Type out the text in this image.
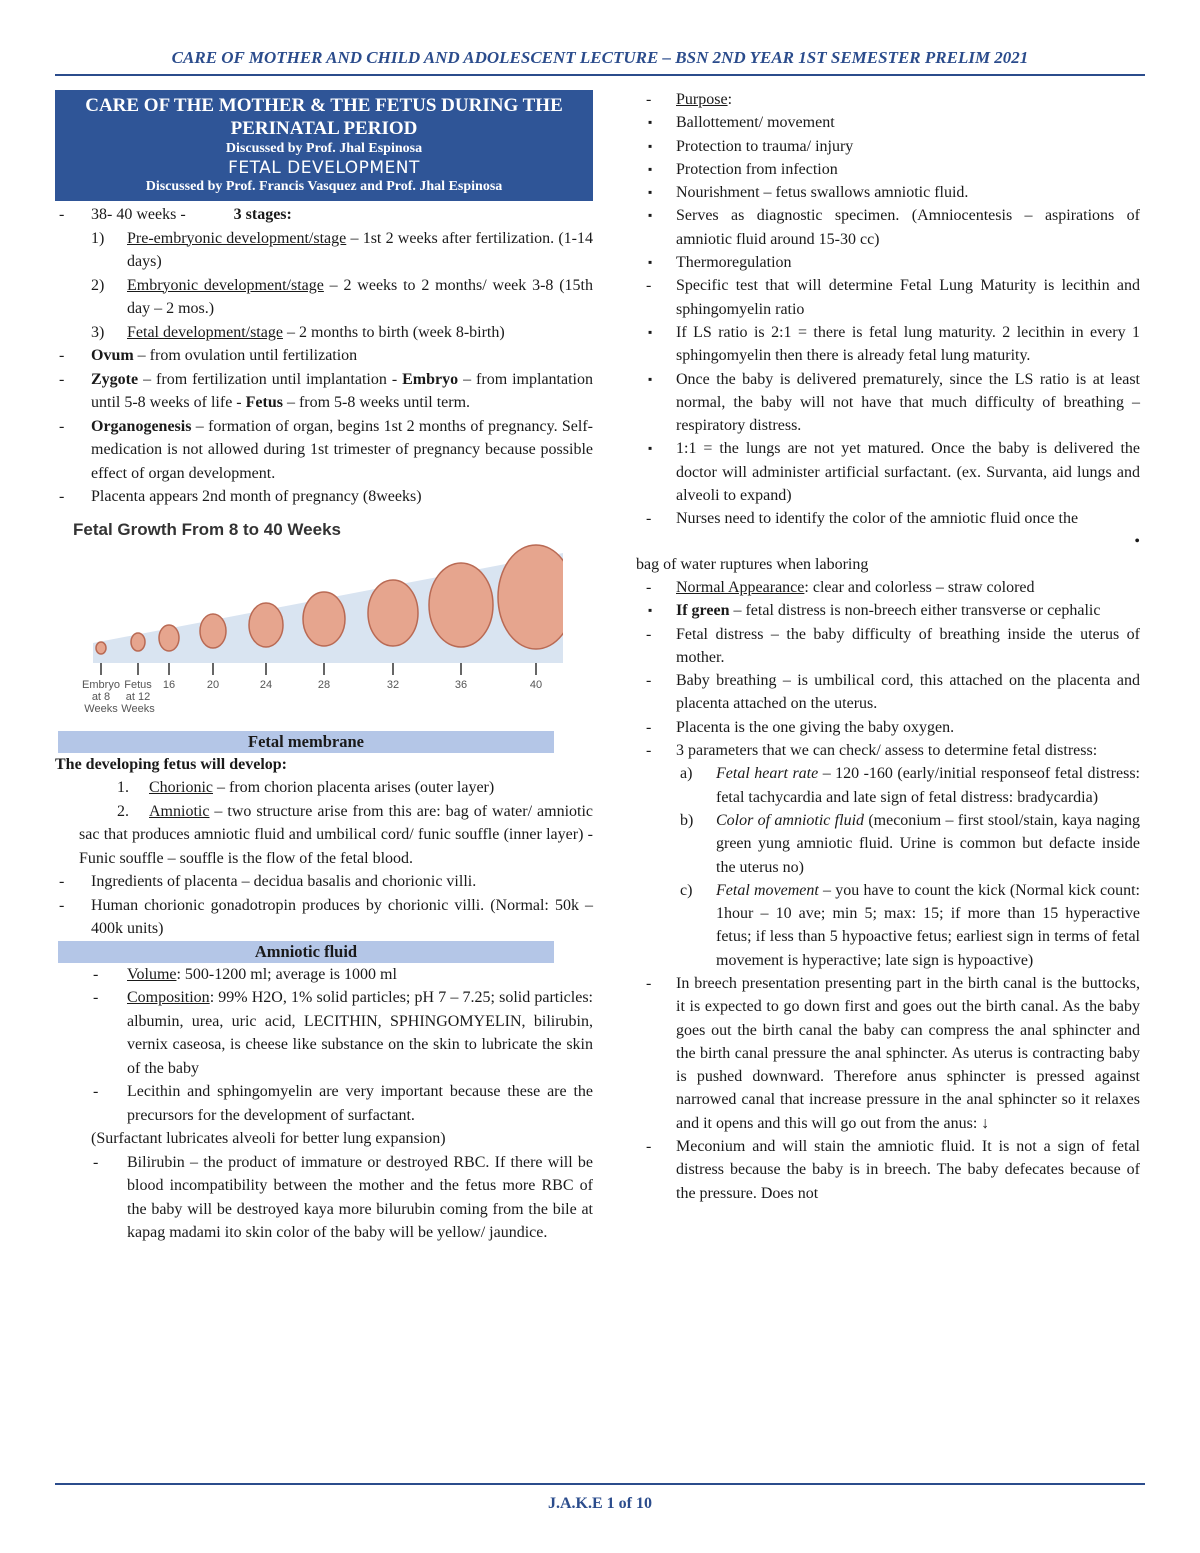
CARE OF MOTHER AND CHILD AND ADOLESCENT LECTURE – BSN 2ND YEAR 1ST SEMESTER PRELIM 2021
CARE OF THE MOTHER & THE FETUS DURING THE PERINATAL PERIOD
Discussed by Prof. Jhal Espinosa
FETAL DEVELOPMENT
Discussed by Prof. Francis Vasquez and Prof. Jhal Espinosa
- 38- 40 weeks -	3 stages:
1) Pre-embryonic development/stage – 1st 2 weeks after fertilization. (1-14 days)
2) Embryonic development/stage – 2 weeks to 2 months/ week 3-8 (15th day – 2 mos.)
3) Fetal development/stage – 2 months to birth (week 8-birth)
- Ovum – from ovulation until fertilization
- Zygote – from fertilization until implantation - Embryo – from implantation until 5-8 weeks of life - Fetus – from 5-8 weeks until term.
- Organogenesis – formation of organ, begins 1st 2 months of pregnancy. Self-medication is not allowed during 1st trimester of pregnancy because possible effect of organ development.
- Placenta appears 2nd month of pregnancy (8weeks)
Fetal Growth From 8 to 40 Weeks
Embryo
at 8
Weeks
Fetus
at 12
Weeks
16	20	24	28	32	36	40
Fetal membrane
The developing fetus will develop:
1. Chorionic – from chorion placenta arises (outer layer)
2. Amniotic – two structure arise from this are: bag of water/ amniotic sac that produces amniotic fluid and umbilical cord/ funic souffle (inner layer) - Funic souffle – souffle is the flow of the fetal blood.
- Ingredients of placenta – decidua basalis and chorionic villi.
- Human chorionic gonadotropin produces by chorionic villi. (Normal: 50k – 400k units)
Amniotic fluid
- Volume: 500-1200 ml; average is 1000 ml
- Composition: 99% H2O, 1% solid particles; pH 7 – 7.25; solid particles: albumin, urea, uric acid, LECITHIN, SPHINGOMYELIN, bilirubin, vernix caseosa, is cheese like substance on the skin to lubricate the skin of the baby
- Lecithin and sphingomyelin are very important because these are the precursors for the development of surfactant.
(Surfactant lubricates alveoli for better lung expansion)
- Bilirubin – the product of immature or destroyed RBC. If there will be blood incompatibility between the mother and the fetus more RBC of the baby will be destroyed kaya more bilurubin coming from the bile at kapag madami ito skin color of the baby will be yellow/ jaundice.
- Purpose:
▪ Ballottement/ movement
▪ Protection to trauma/ injury
▪ Protection from infection
▪ Nourishment – fetus swallows amniotic fluid.
▪ Serves as diagnostic specimen. (Amniocentesis – aspirations of amniotic fluid around 15-30 cc)
▪ Thermoregulation
- Specific test that will determine Fetal Lung Maturity is lecithin and sphingomyelin ratio
▪ If LS ratio is 2:1 = there is fetal lung maturity. 2 lecithin in every 1 sphingomyelin then there is already fetal lung maturity.
▪ Once the baby is delivered prematurely, since the LS ratio is at least normal, the baby will not have that much difficulty of breathing – respiratory distress.
▪ 1:1 = the lungs are not yet matured. Once the baby is delivered the doctor will administer artificial surfactant. (ex. Survanta, aid lungs and alveoli to expand)
- Nurses need to identify the color of the amniotic fluid once the
•
bag of water ruptures when laboring
- Normal Appearance: clear and colorless – straw colored
▪ If green – fetal distress is non-breech either transverse or cephalic
- Fetal distress – the baby difficulty of breathing inside the uterus of mother.
- Baby breathing – is umbilical cord, this attached on the placenta and placenta attached on the uterus.
- Placenta is the one giving the baby oxygen.
- 3 parameters that we can check/ assess to determine fetal distress:
a) Fetal heart rate – 120 -160 (early/initial responseof fetal distress: fetal tachycardia and late sign of fetal distress: bradycardia)
b) Color of amniotic fluid (meconium – first stool/stain, kaya naging green yung amniotic fluid. Urine is common but defacte inside the uterus no)
c) Fetal movement – you have to count the kick (Normal kick count: 1hour – 10 ave; min 5; max: 15; if more than 15 hyperactive fetus; if less than 5 hypoactive fetus; earliest sign in terms of fetal movement is hyperactive; late sign is hypoactive)
- In breech presentation presenting part in the birth canal is the buttocks, it is expected to go down first and goes out the birth canal. As the baby goes out the birth canal the baby can compress the anal sphincter and the birth canal pressure the anal sphincter. As uterus is contracting baby is pushed downward. Therefore anus sphincter is pressed against narrowed canal that increase pressure in the anal sphincter so it relaxes and it opens and this will go out from the anus: ↓
- Meconium and will stain the amniotic fluid. It is not a sign of fetal distress because the baby is in breech. The baby defecates because of the pressure. Does not
J.A.K.E 1 of 10
